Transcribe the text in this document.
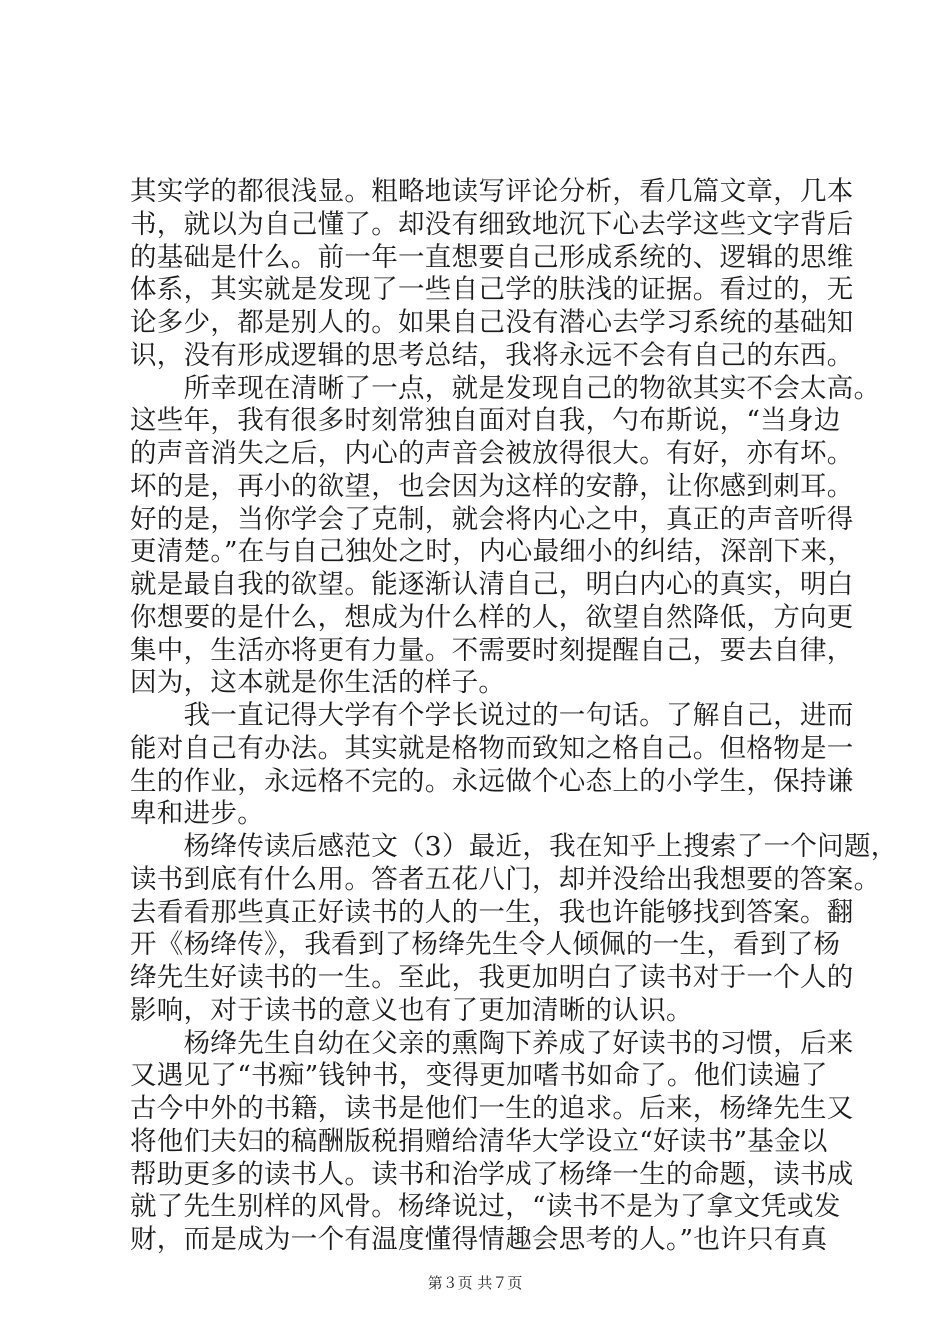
其实学的都很浅显。粗略地读写评论分析，看几篇文章，几本
书，就以为自己懂了。却没有细致地沉下心去学这些文字背后
的基础是什么。前一年一直想要自己形成系统的、逻辑的思维
体系，其实就是发现了一些自己学的肤浅的证据。看过的，无
论多少，都是别人的。如果自己没有潜心去学习系统的基础知
识，没有形成逻辑的思考总结，我将永远不会有自己的东西。
　　所幸现在清晰了一点，就是发现自己的物欲其实不会太高。
这些年，我有很多时刻常独自面对自我，勺布斯说，“当身边
的声音消失之后，内心的声音会被放得很大。有好，亦有坏。
坏的是，再小的欲望，也会因为这样的安静，让你感到刺耳。
好的是，当你学会了克制，就会将内心之中，真正的声音听得
更清楚。”在与自己独处之时，内心最细小的纠结，深剖下来，
就是最自我的欲望。能逐渐认清自己，明白内心的真实，明白
你想要的是什么，想成为什么样的人，欲望自然降低，方向更
集中，生活亦将更有力量。不需要时刻提醒自己，要去自律，
因为，这本就是你生活的样子。
　　我一直记得大学有个学长说过的一句话。了解自己，进而
能对自己有办法。其实就是格物而致知之格自己。但格物是一
生的作业，永远格不完的。永远做个心态上的小学生，保持谦
卑和进步。
　　杨绛传读后感范文（3）最近，我在知乎上搜索了一个问题，
读书到底有什么用。答者五花八门，却并没给出我想要的答案。
去看看那些真正好读书的人的一生，我也许能够找到答案。翻
开《杨绛传》，我看到了杨绛先生令人倾佩的一生，看到了杨
绛先生好读书的一生。至此，我更加明白了读书对于一个人的
影响，对于读书的意义也有了更加清晰的认识。
　　杨绛先生自幼在父亲的熏陶下养成了好读书的习惯，后来
又遇见了“书痴”钱钟书，变得更加嗜书如命了。他们读遍了
古今中外的书籍，读书是他们一生的追求。后来，杨绛先生又
将他们夫妇的稿酬版税捐赠给清华大学设立“好读书”基金以
帮助更多的读书人。读书和治学成了杨绛一生的命题，读书成
就了先生别样的风骨。杨绛说过，“读书不是为了拿文凭或发
财，而是成为一个有温度懂得情趣会思考的人。”也许只有真
第３页 共７页
